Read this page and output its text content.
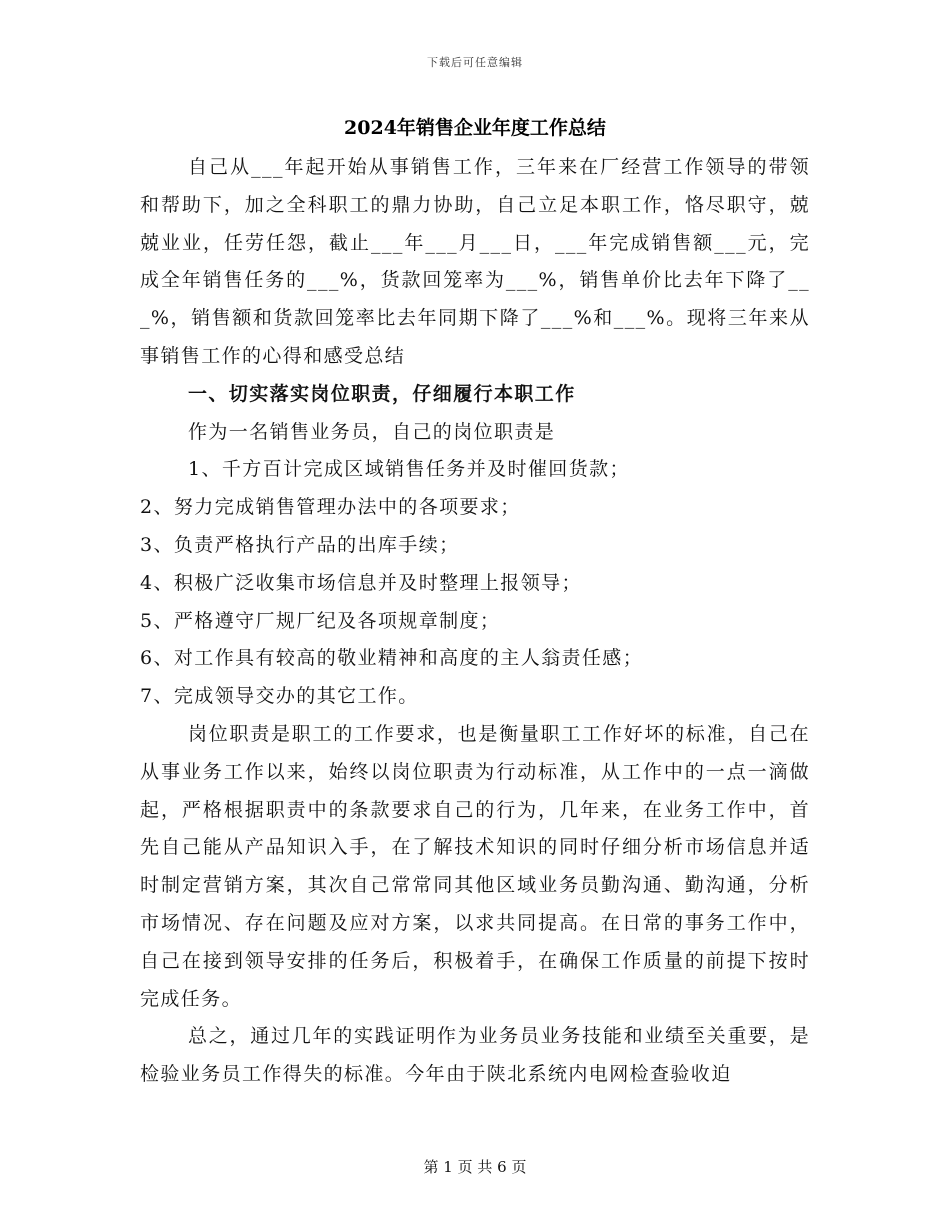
下载后可任意编辑
2024年销售企业年度工作总结

自己从___年起开始从事销售工作，三年来在厂经营工作领导的带领和帮助下，加之全科职工的鼎力协助，自己立足本职工作，恪尽职守，兢兢业业，任劳任怨，截止___年___月___日，___年完成销售额___元，完成全年销售任务的___%，货款回笼率为___%，销售单价比去年下降了___%，销售额和货款回笼率比去年同期下降了___%和___%。现将三年来从事销售工作的心得和感受总结

一、切实落实岗位职责，仔细履行本职工作

作为一名销售业务员，自己的岗位职责是

1、千方百计完成区域销售任务并及时催回货款；

2、努力完成销售管理办法中的各项要求；

3、负责严格执行产品的出库手续；

4、积极广泛收集市场信息并及时整理上报领导；

5、严格遵守厂规厂纪及各项规章制度；

6、对工作具有较高的敬业精神和高度的主人翁责任感；

7、完成领导交办的其它工作。

岗位职责是职工的工作要求，也是衡量职工工作好坏的标准，自己在从事业务工作以来，始终以岗位职责为行动标准，从工作中的一点一滴做起，严格根据职责中的条款要求自己的行为，几年来，在业务工作中，首先自己能从产品知识入手，在了解技术知识的同时仔细分析市场信息并适时制定营销方案，其次自己常常同其他区域业务员勤沟通、勤沟通，分析市场情况、存在问题及应对方案，以求共同提高。在日常的事务工作中，自己在接到领导安排的任务后，积极着手，在确保工作质量的前提下按时完成任务。

总之，通过几年的实践证明作为业务员业务技能和业绩至关重要，是检验业务员工作得失的标准。今年由于陕北系统内电网检查验收迫

第 1 页 共 6 页
